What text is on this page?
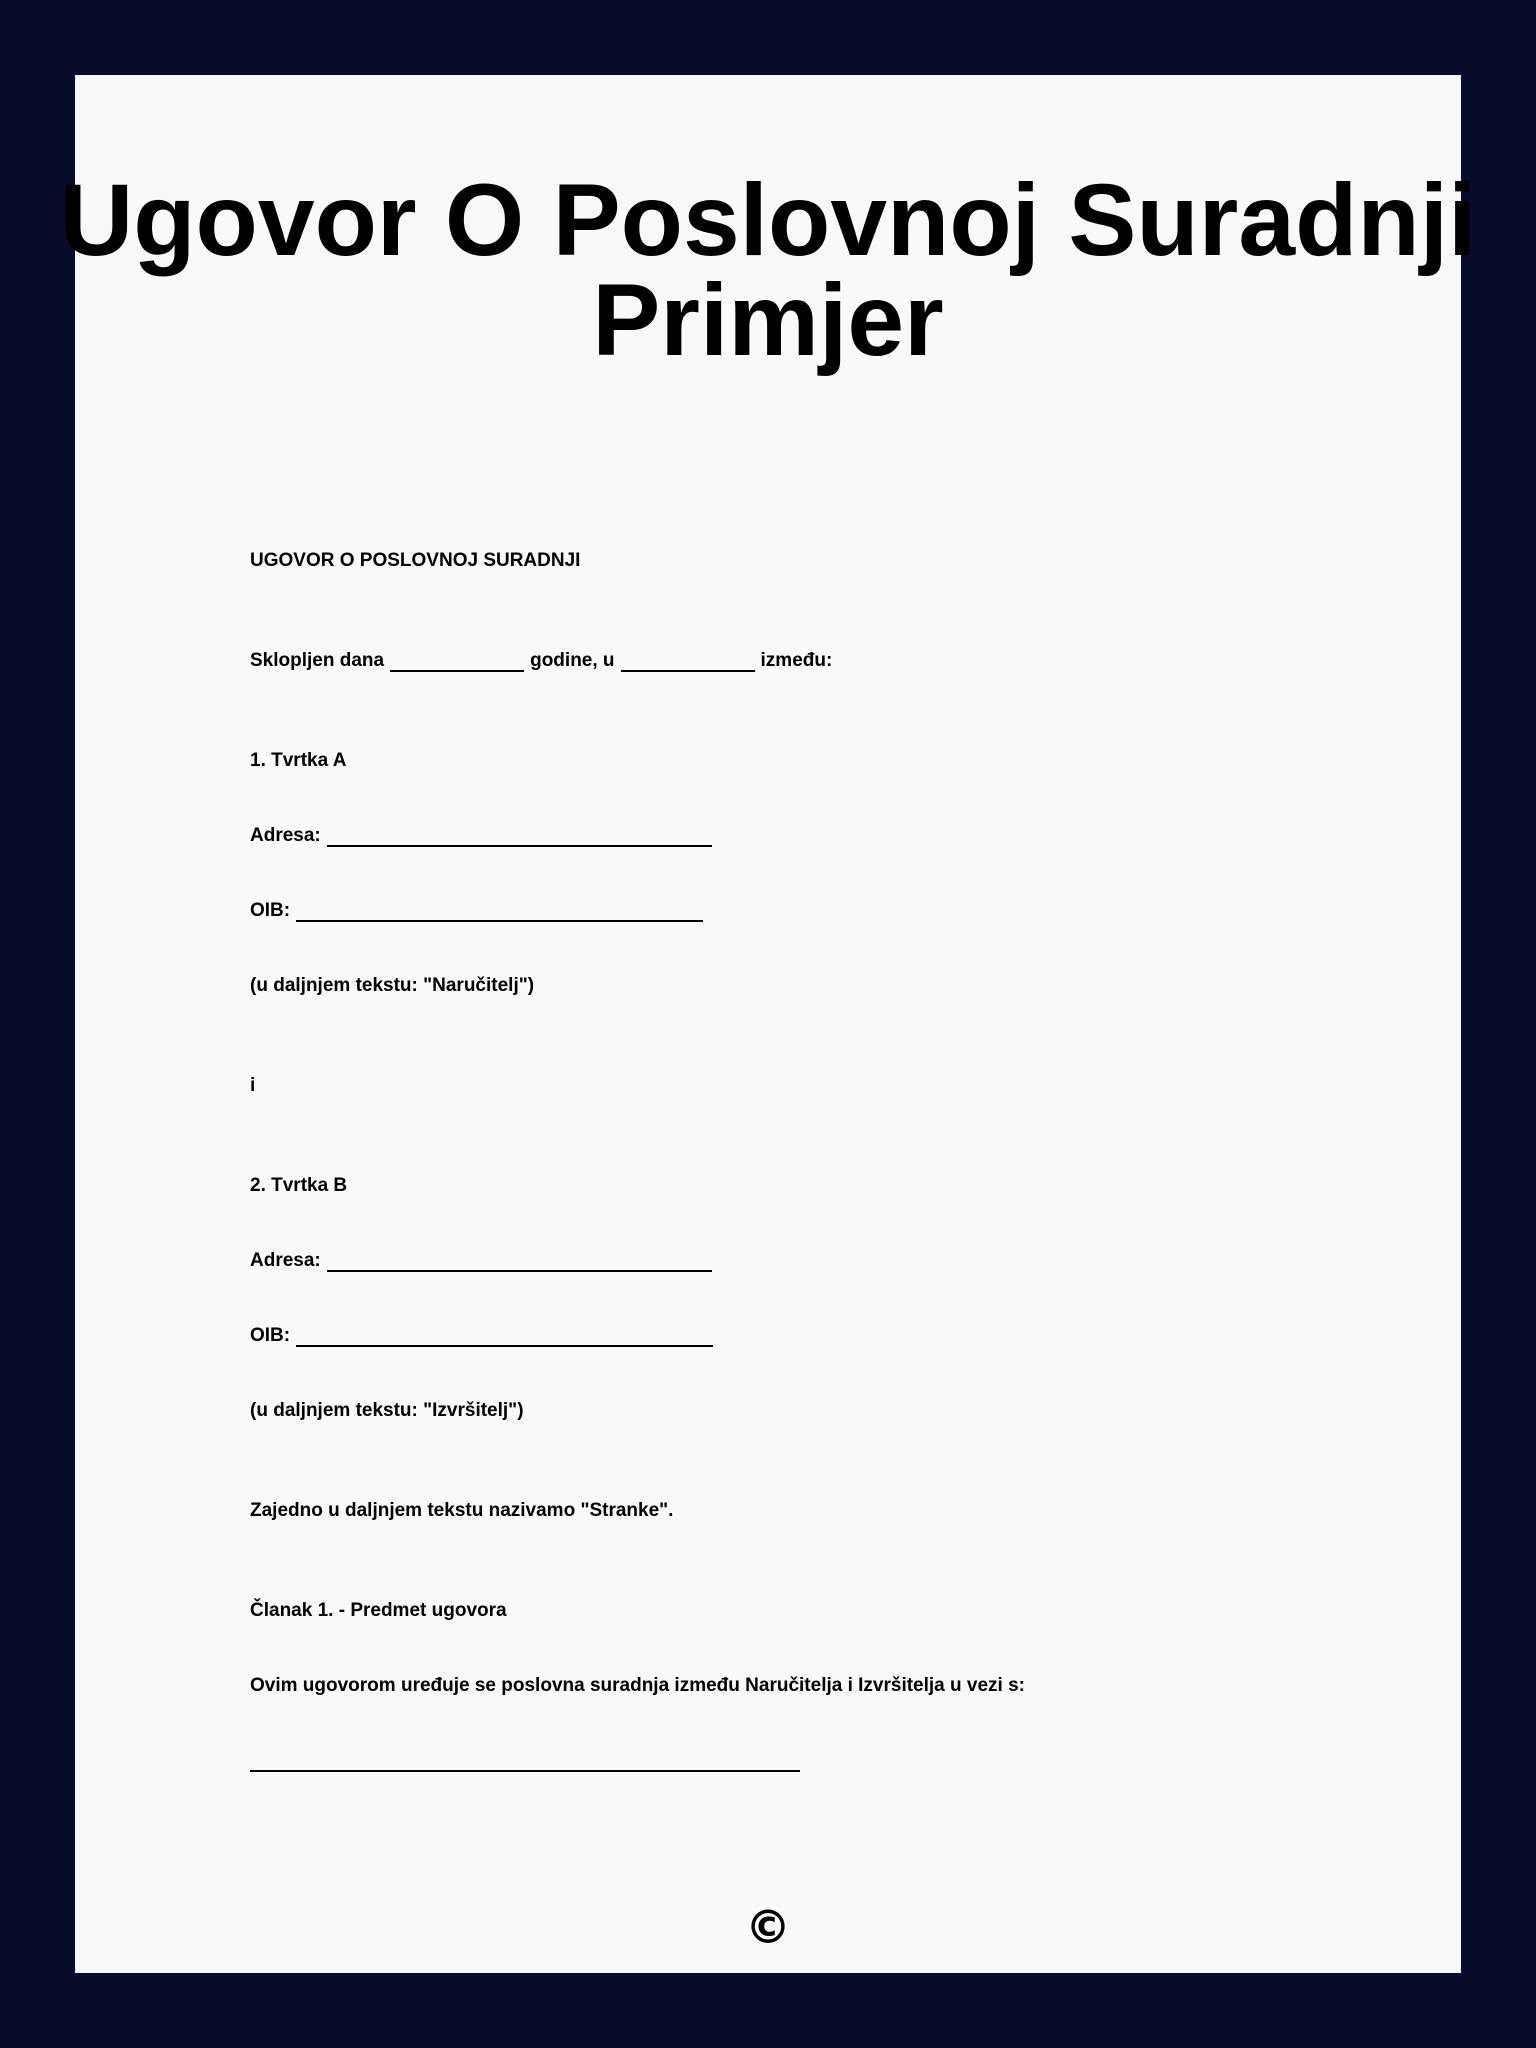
Ugovor O Poslovnoj Suradnji Primjer
UGOVOR O POSLOVNOJ SURADNJI
Sklopljen dana	godine, u	između:
1. Tvrtka A
Adresa:
OIB:
(u daljnjem tekstu: "Naručitelj")
i
2. Tvrtka B
Adresa:
OIB:
(u daljnjem tekstu: "Izvršitelj")
Zajedno u daljnjem tekstu nazivamo "Stranke".
Članak 1. - Predmet ugovora
Ovim ugovorom uređuje se poslovna suradnja između Naručitelja i Izvršitelja u vezi s:
©
